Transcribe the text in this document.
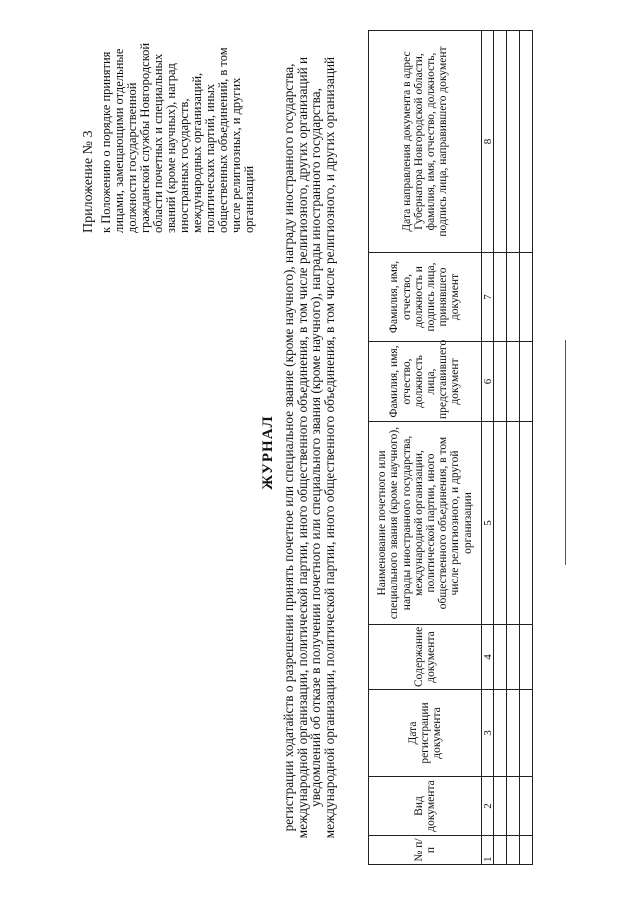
Приложение № 3 к Положению о порядке принятия лицами, замещающими отдельные должности государственной гражданской службы Новгородской области почетных и специальных званий (кроме научных), наград иностранных государств, международных организаций, политических партий, иных общественных объединений, в том числе религиозных, и других организаций
ЖУРНАЛ регистрации ходатайств о разрешении принять почетное или специальное звание (кроме научного), награду иностранного государства, международной организации, политической партии, иного общественного объединения, в том числе религиозного, других организаций и уведомлений об отказе в получении почетного или специального звания (кроме научного), награды иностранного государства, международной организации, политической партии, иного общественного объединения, в том числе религиозного, и других организаций
№ п/п	Вид документа	Дата регистрации документа	Содержание документа	Наименование почетного или специального звания (кроме научного), награды иностранного государства, международной организации, политической партии, иного общественного объединения, в том числе религиозного, и другой организации	Фамилия, имя, отчество, должность лица, представившего документ	Фамилия, имя, отчество, должность и подпись лица, принявшего документ	Дата направления документа в адрес Губернатора Новгородской области, фамилия, имя, отчество, должность, подпись лица, направившего документ
1	2	3	4	5	6	7	8
